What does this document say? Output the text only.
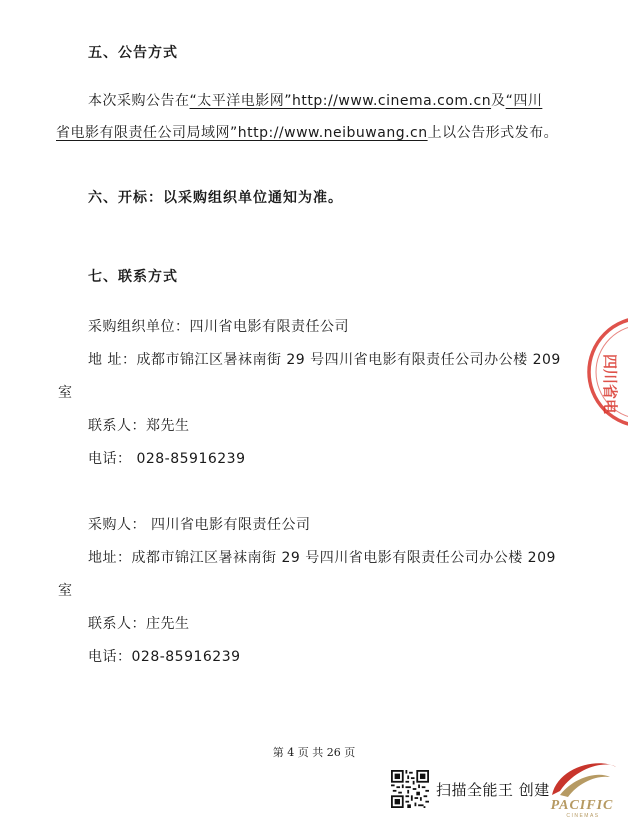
五、公告方式
本次采购公告在“太平洋电影网”http://www.cinema.com.cn及“四川
省电影有限责任公司局域网”http://www.neibuwang.cn上以公告形式发布。
六、开标：以采购组织单位通知为准。
七、联系方式
采购组织单位：四川省电影有限责任公司
地 址：成都市锦江区暑袜南街 29 号四川省电影有限责任公司办公楼 209
室
联系人：郑先生
电话： 028-85916239
采购人： 四川省电影有限责任公司
地址：成都市锦江区暑袜南街 29 号四川省电影有限责任公司办公楼 209
室
联系人：庄先生
电话：028-85916239
第 4 页 共 26 页
四川省电
扫描全能王 创建
PACIFIC
CINEMAS
